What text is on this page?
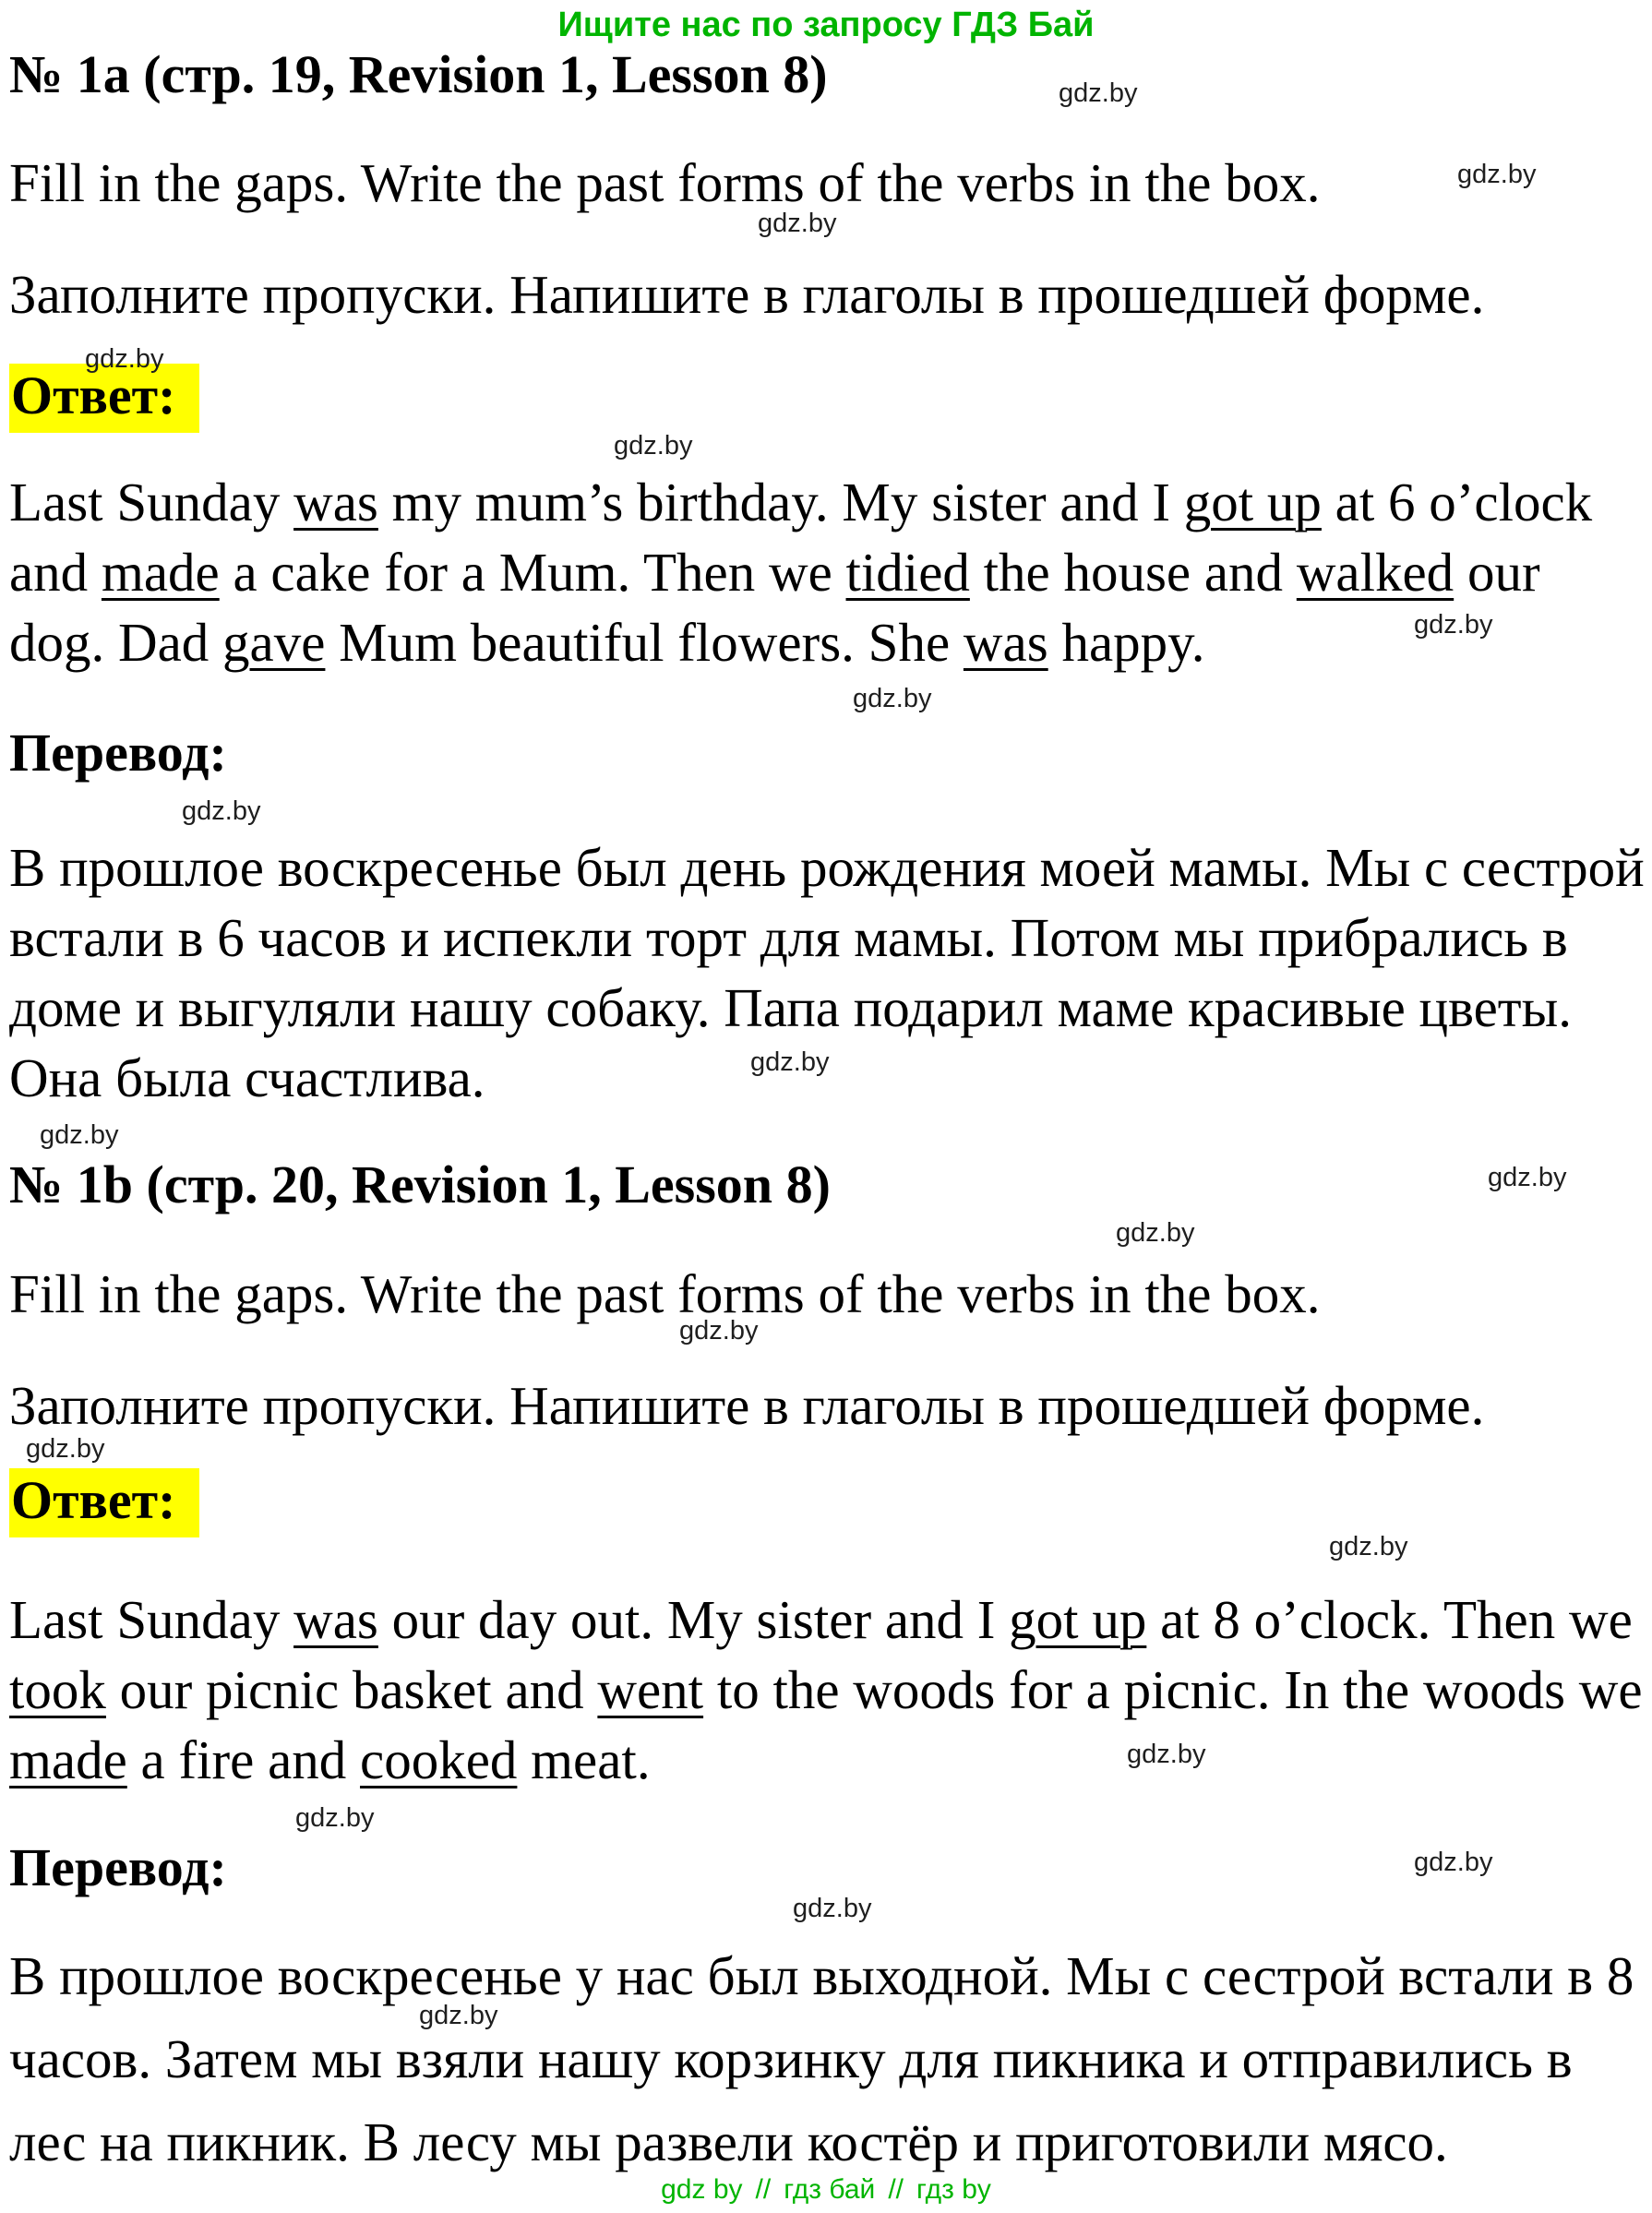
Ищите нас по запросу ГДЗ Бай
№ 1a (стр. 19, Revision 1, Lesson 8)
Fill in the gaps. Write the past forms of the verbs in the box.
Заполните пропуски. Напишите в глаголы в прошедшей форме.
Ответ:

Last Sunday was my mum’s birthday. My sister and I got up at 6 o’clock and made a cake for a Mum. Then we tidied the house and walked our dog. Dad gave Mum beautiful flowers. She was happy.

Перевод:

В прошлое воскресенье был день рождения моей мамы. Мы с сестрой встали в 6 часов и испекли торт для мамы. Потом мы прибрались в доме и выгуляли нашу собаку. Папа подарил маме красивые цветы. Она была счастлива.

№ 1b (стр. 20, Revision 1, Lesson 8)
Fill in the gaps. Write the past forms of the verbs in the box.
Заполните пропуски. Напишите в глаголы в прошедшей форме.
Ответ:

Last Sunday was our day out. My sister and I got up at 8 o’clock. Then we took our picnic basket and went to the woods for a picnic. In the woods we made a fire and cooked meat.

Перевод:

В прошлое воскресенье у нас был выходной. Мы с сестрой встали в 8 часов. Затем мы взяли нашу корзинку для пикника и отправились в лес на пикник. В лесу мы развели костёр и приготовили мясо.

gdz.by
gdz.by
gdz.by
gdz.by
gdz.by
gdz.by
gdz.by
gdz.by
gdz.by
gdz.by
gdz.by
gdz.by
gdz.by
gdz.by
gdz.by
gdz.by
gdz.by
gdz.by
gdz.by
gdz.by
gdz by // гдз бай // гдз by
